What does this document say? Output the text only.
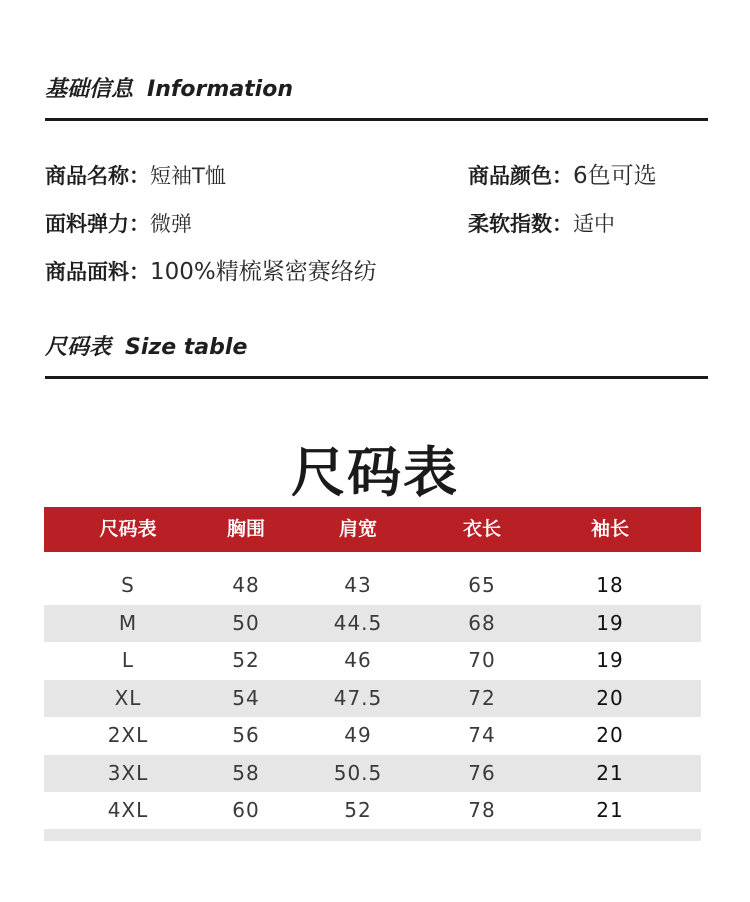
基础信息 Information
商品名称：短袖T恤	商品颜色：6色可选
面料弹力：微弹	柔软指数：适中
商品面料：100%精梳紧密赛络纺
尺码表 Size table
尺码表
尺码表	胸围	肩宽	衣长	袖长
S	48	43	65	18
M	50	44.5	68	19
L	52	46	70	19
XL	54	47.5	72	20
2XL	56	49	74	20
3XL	58	50.5	76	21
4XL	60	52	78	21
